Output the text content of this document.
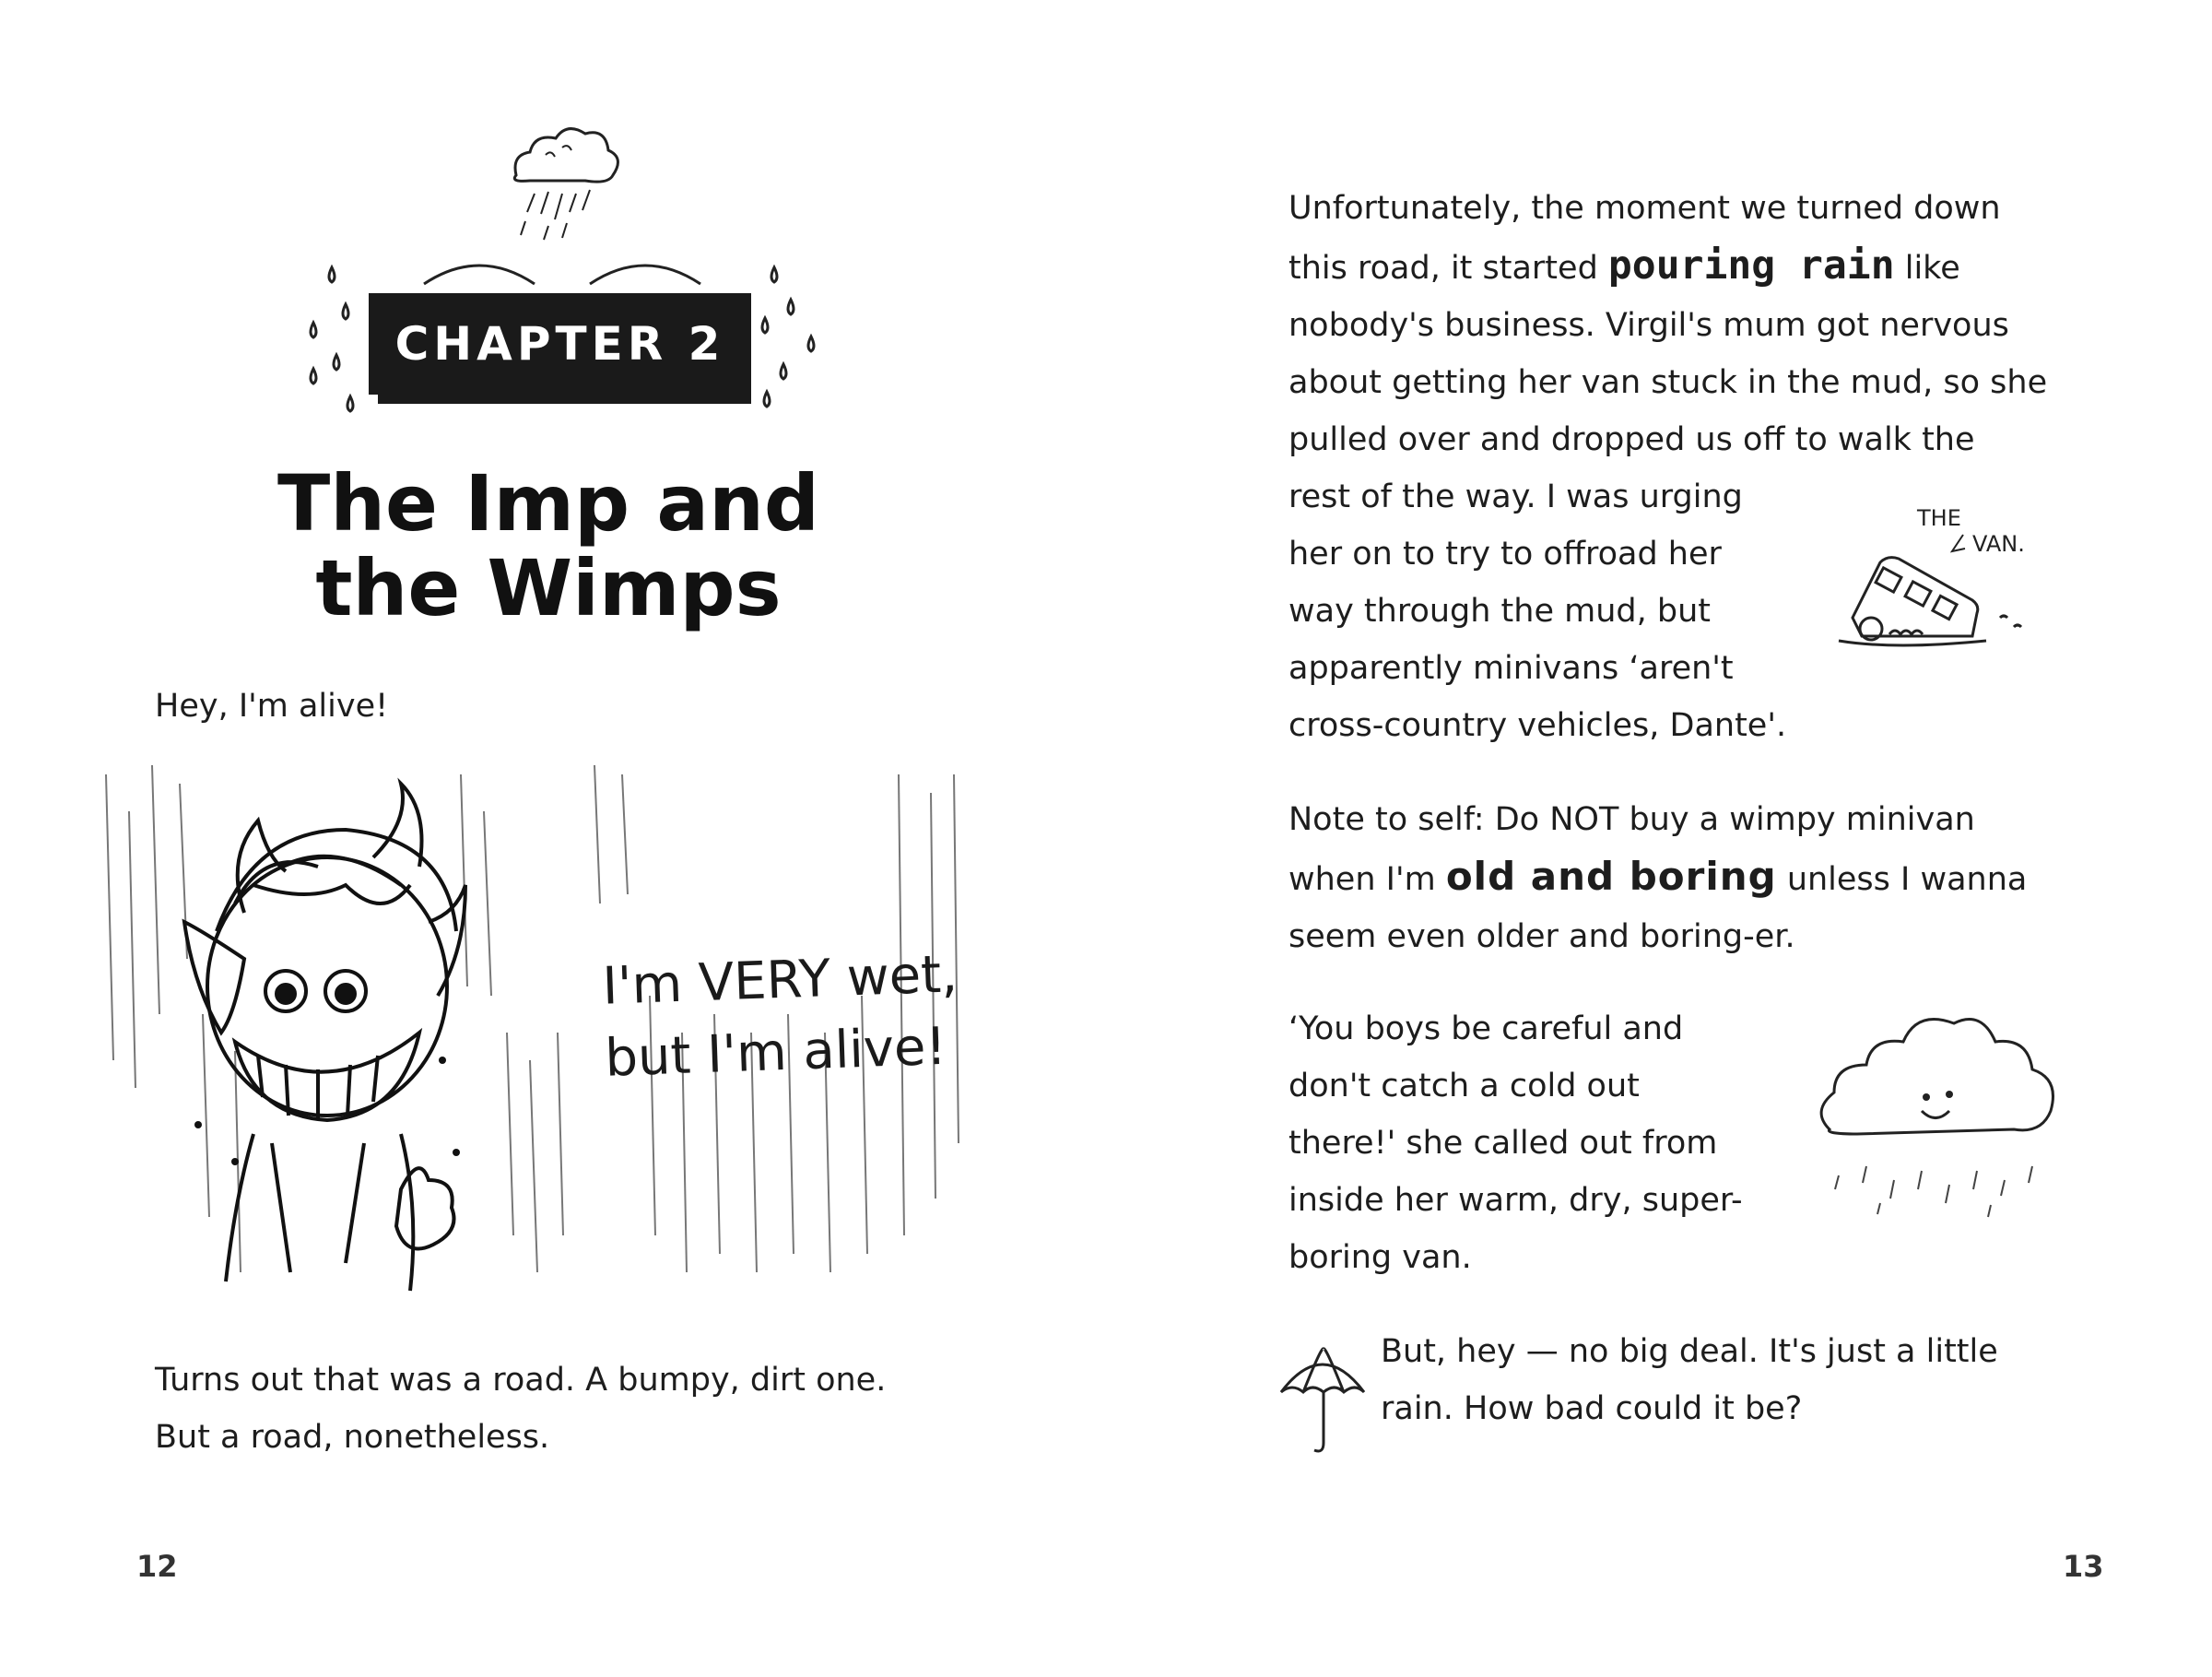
CHAPTER 2
The Imp and
the Wimps
Hey, I'm alive!
I'm VERY wet,
but I'm alive!
Turns out that was a road. A bumpy, dirt one.
But a road, nonetheless.
12
Unfortunately, the moment we turned down
this road, it started pouring rain like
nobody's business. Virgil's mum got nervous
about getting her van stuck in the mud, so she
pulled over and dropped us off to walk the
rest of the way. I was urging
her on to try to offroad her
way through the mud, but
apparently minivans ‘aren't
cross-country vehicles, Dante'.
THE
VAN.
Note to self: Do NOT buy a wimpy minivan
when I'm old and boring unless I wanna
seem even older and boring-er.
‘You boys be careful and
don't catch a cold out
there!' she called out from
inside her warm, dry, super-
boring van.
But, hey — no big deal. It's just a little
rain. How bad could it be?
13
